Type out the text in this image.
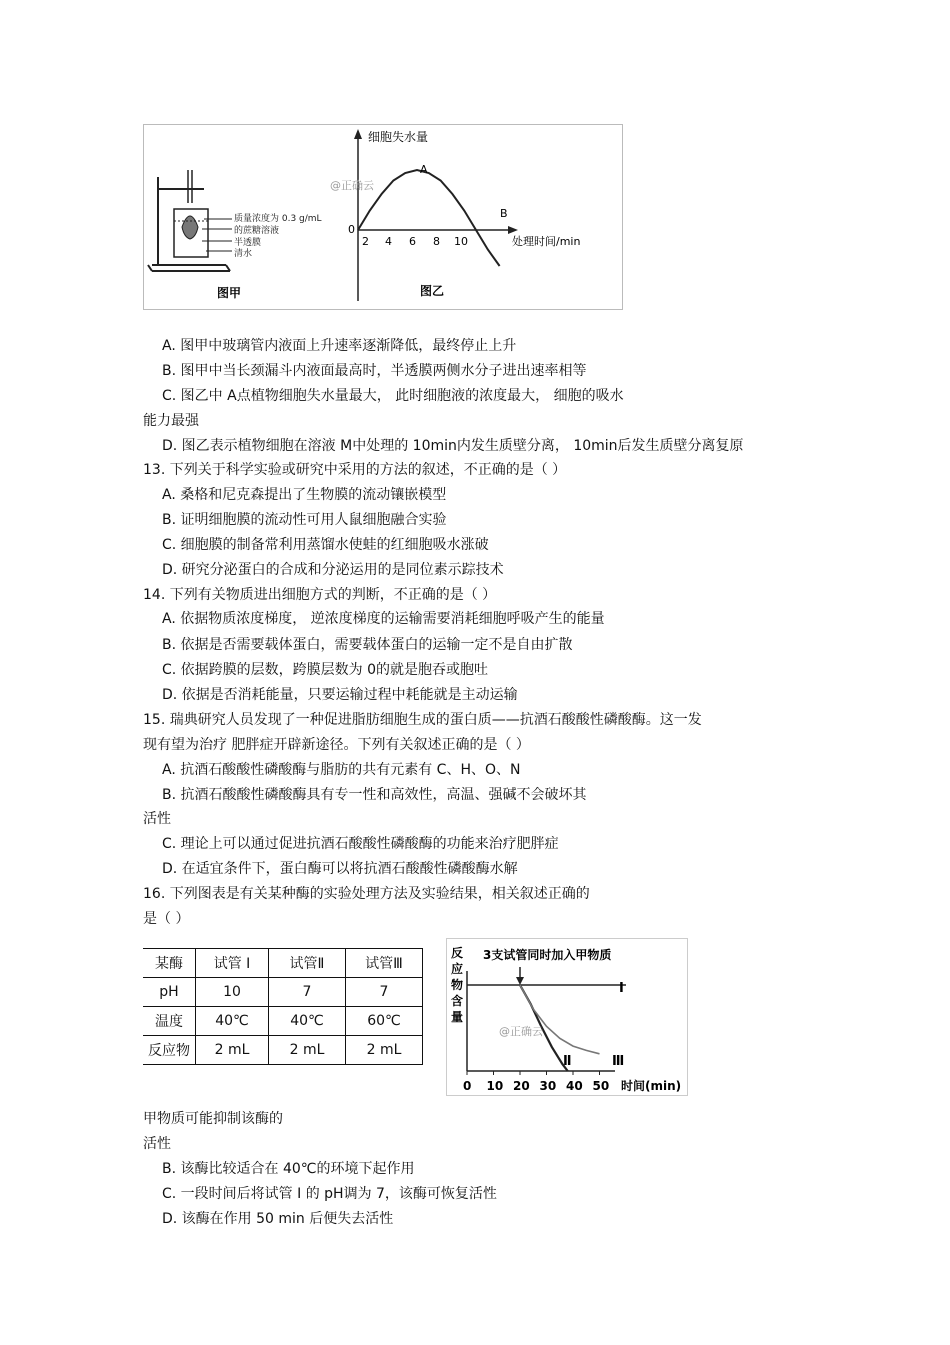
质量浓度为 0.3 g/mL
的蔗糖溶液
半透膜
清水
图甲
细胞失水量
处理时间/min
0
2 4 6 8 10
A
B
@正确云
图乙
A. 图甲中玻璃管内液面上升速率逐渐降低，最终停止上升
B. 图甲中当长颈漏斗内液面最高时，半透膜两侧水分子进出速率相等
C. 图乙中 A点植物细胞失水量最大， 此时细胞液的浓度最大， 细胞的吸水
能力最强
D. 图乙表示植物细胞在溶液 M中处理的 10min内发生质壁分离， 10min后发生质壁分离复原
13. 下列关于科学实验或研究中采用的方法的叙述，不正确的是（ ）
A. 桑格和尼克森提出了生物膜的流动镶嵌模型
B. 证明细胞膜的流动性可用人鼠细胞融合实验
C. 细胞膜的制备常利用蒸馏水使蛙的红细胞吸水涨破
D. 研究分泌蛋白的合成和分泌运用的是同位素示踪技术
14. 下列有关物质进出细胞方式的判断，不正确的是（ ）
A. 依据物质浓度梯度， 逆浓度梯度的运输需要消耗细胞呼吸产生的能量
B. 依据是否需要载体蛋白，需要载体蛋白的运输一定不是自由扩散
C. 依据跨膜的层数，跨膜层数为 0的就是胞吞或胞吐
D. 依据是否消耗能量，只要运输过程中耗能就是主动运输
15. 瑞典研究人员发现了一种促进脂肪细胞生成的蛋白质——抗酒石酸酸性磷酸酶。这一发
现有望为治疗 肥胖症开辟新途径。下列有关叙述正确的是（ ）
A. 抗酒石酸酸性磷酸酶与脂肪的共有元素有 C、H、O、N
B. 抗酒石酸酸性磷酸酶具有专一性和高效性，高温、强碱不会破坏其
活性
C. 理论上可以通过促进抗酒石酸酸性磷酸酶的功能来治疗肥胖症
D. 在适宜条件下，蛋白酶可以将抗酒石酸酸性磷酸酶水解
16. 下列图表是有关某种酶的实验处理方法及实验结果，相关叙述正确的
是（ ）
某酶	试管 Ⅰ	试管Ⅱ	试管Ⅲ
pH	10	7	7
温度	40℃	40℃	60℃
反应物	2 mL	2 mL	2 mL
3支试管同时加入甲物质
Ⅰ
Ⅱ	Ⅲ
@正确云
0 10 20 30 40 50 时间(min)
反
应
物
含
量
甲物质可能抑制该酶的
活性
B. 该酶比较适合在 40℃的环境下起作用
C. 一段时间后将试管 Ⅰ 的 pH调为 7，该酶可恢复活性
D. 该酶在作用 50 min 后便失去活性
